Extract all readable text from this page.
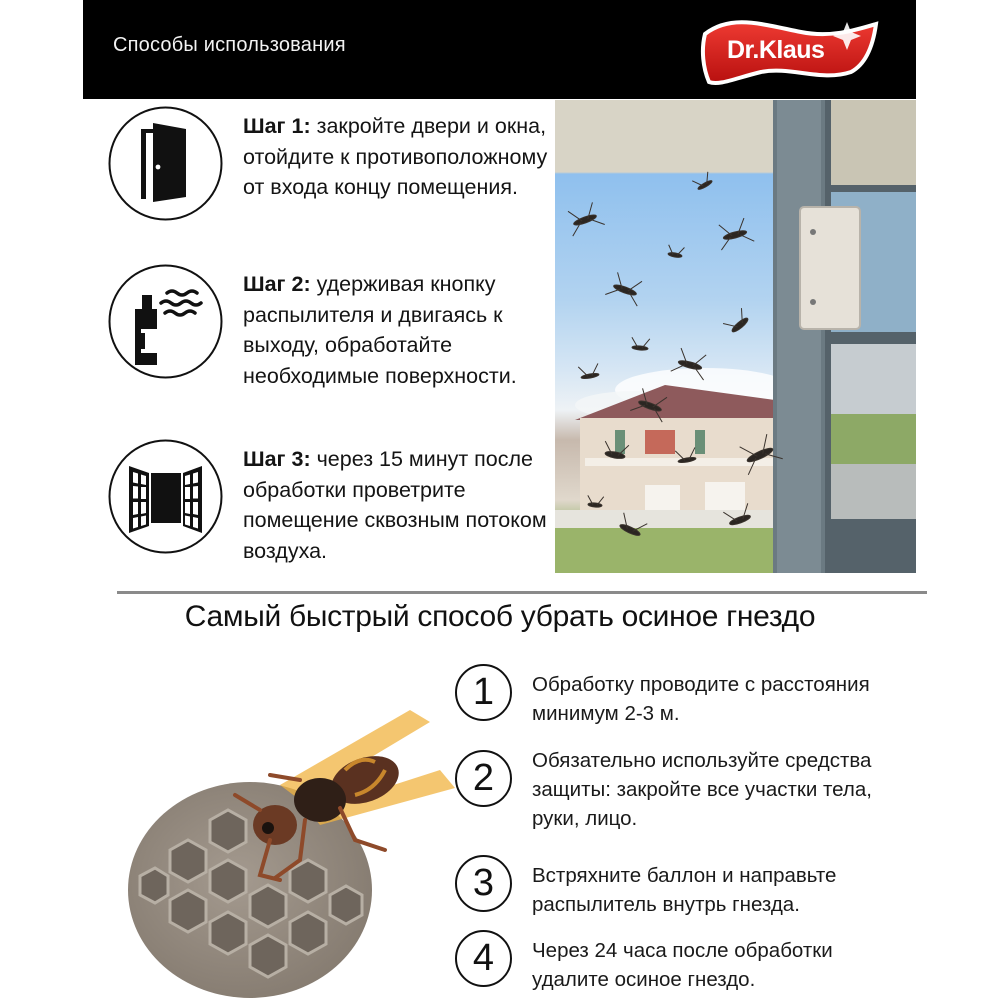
Способы использования	Dr.Klaus
Шаг 1: закройте двери и окна, отойдите к противоположному от входа концу помещения.
Шаг 2: удерживая кнопку распылителя и двигаясь к выходу, обработайте необходимые поверхности.
Шаг 3: через 15 минут после обработки проветрите помещение сквозным потоком воздуха.
Самый быстрый способ убрать осиное гнездо
1	Обработку проводите с расстояния минимум 2-3 м.
2	Обязательно используйте средства защиты: закройте все участки тела, руки, лицо.
3	Встряхните баллон и направьте распылитель внутрь гнезда.
4	Через 24 часа после обработки удалите осиное гнездо.
